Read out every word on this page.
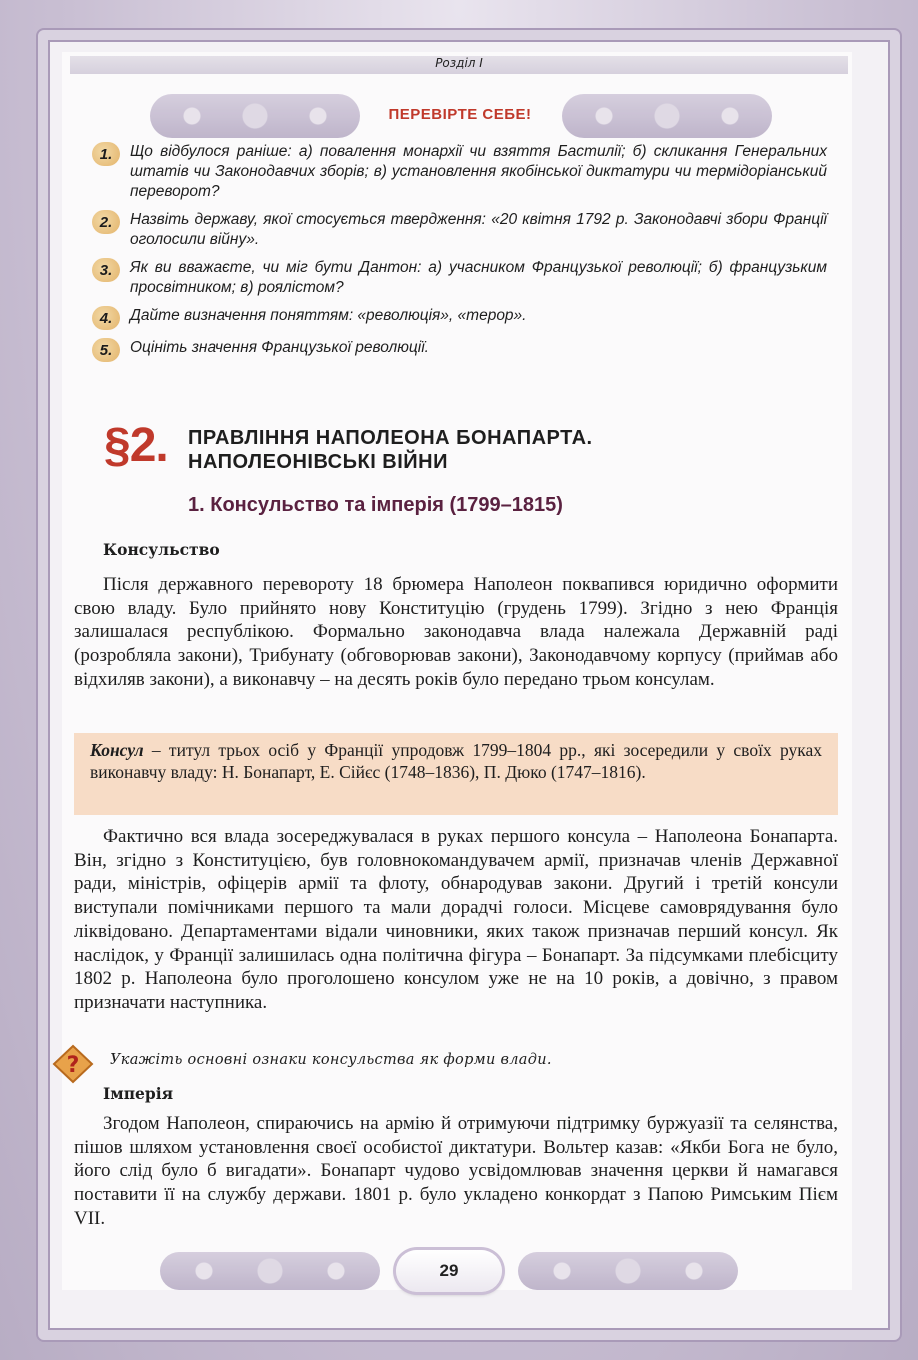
Розділ І
ПЕРЕВІРТЕ СЕБЕ!
1.	Що відбулося раніше: а) повалення монархії чи взяття Бастилії; б) скликання Генеральних штатів чи Законодавчих зборів; в) установлення якобінської диктатури чи термідоріанський переворот?
2.	Назвіть державу, якої стосується твердження: «20 квітня 1792 р. Законодавчі збори Франції оголосили війну».
3.	Як ви вважаєте, чи міг бути Дантон: а) учасником Французької революції; б) французьким просвітником; в) роялістом?
4.	Дайте визначення поняттям: «революція», «терор».
5.	Оцініть значення Французької революції.
§2. ПРАВЛІННЯ НАПОЛЕОНА БОНАПАРТА.
НАПОЛЕОНІВСЬКІ ВІЙНИ
1. Консульство та імперія (1799–1815)
Консульство

Після державного перевороту 18 брюмера Наполеон поквапився юридично оформити свою владу. Було прийнято нову Конституцію (грудень 1799). Згідно з нею Франція залишалася республікою. Формально законодавча влада належала Державній раді (розробляла закони), Трибунату (обговорював закони), Законодавчому корпусу (приймав або відхиляв закони), а виконавчу – на десять років було передано трьом консулам.

Консул – титул трьох осіб у Франції упродовж 1799–1804 рр., які зосередили у своїх руках виконавчу владу: Н. Бонапарт, Е. Сійєс (1748–1836), П. Дюко (1747–1816).

Фактично вся влада зосереджувалася в руках першого консула – Наполеона Бонапарта. Він, згідно з Конституцією, був головнокомандувачем армії, призначав членів Державної ради, міністрів, офіцерів армії та флоту, обнародував закони. Другий і третій консули виступали помічниками першого та мали дорадчі голоси. Місцеве самоврядування було ліквідовано. Департаментами відали чиновники, яких також призначав перший консул. Як наслідок, у Франції залишилась одна політична фігура – Бонапарт. За підсумками плебісциту 1802 р. Наполеона було проголошено консулом уже не на 10 років, а довічно, з правом призначати наступника.

? Укажіть основні ознаки консульства як форми влади.
Імперія

Згодом Наполеон, спираючись на армію й отримуючи підтримку буржуазії та селянства, пішов шляхом установлення своєї особистої диктатури. Вольтер казав: «Якби Бога не було, його слід було б вигадати». Бонапарт чудово усвідомлював значення церкви й намагався поставити її на службу держави. 1801 р. було укладено конкордат з Папою Римським Пієм VII.

29
